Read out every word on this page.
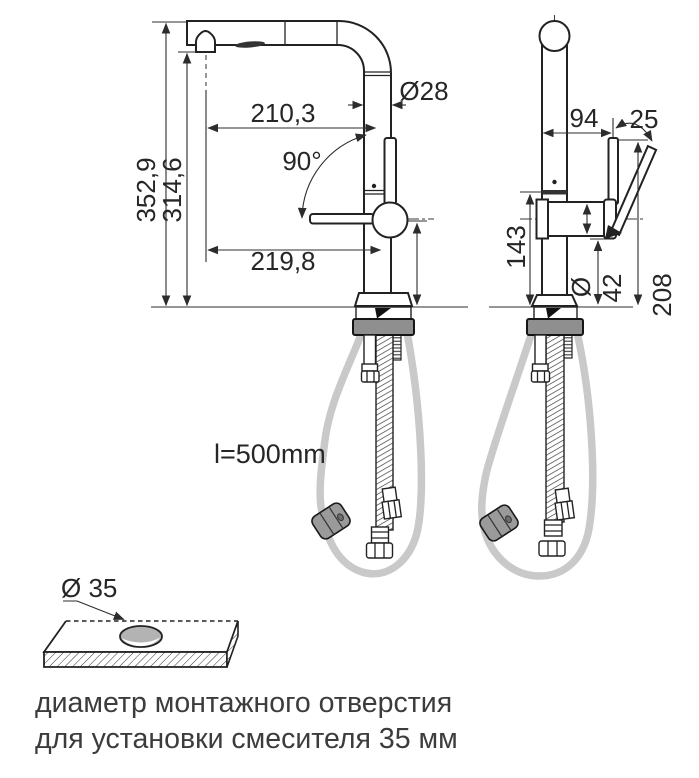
352,9
314,6
210,3
219,8
90°
Ø28
94 25
143
Ø 42 208
l=500mm
Ø 35
диаметр монтажного отверстия
для установки смесителя 35 мм
